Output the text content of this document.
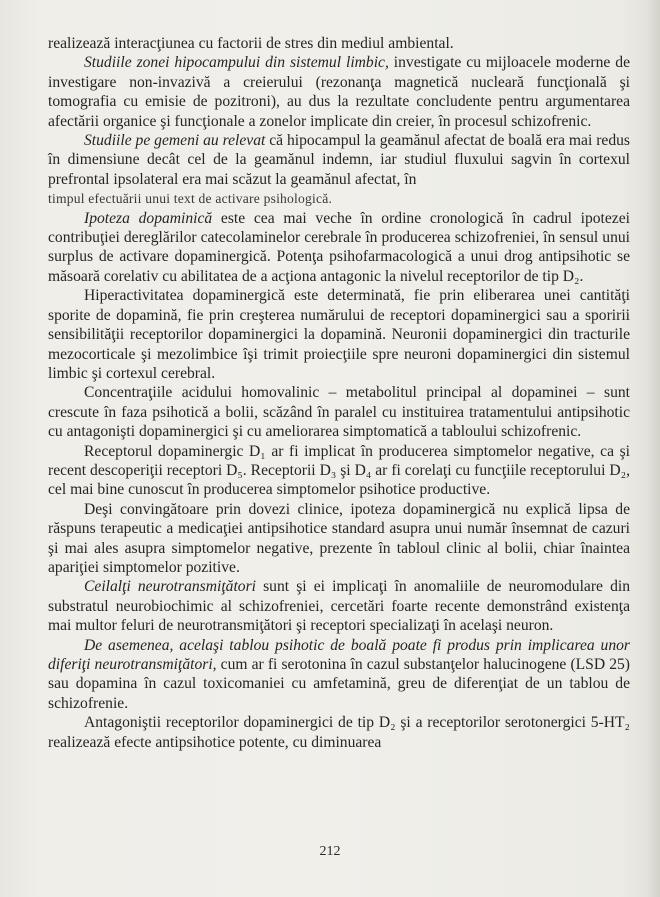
realizează interacţiunea cu factorii de stres din mediul ambiental.

Studiile zonei hipocampului din sistemul limbic, investigate cu mijloacele moderne de investigare non-invazivă a creierului (rezonanţa magnetică nucleară funcţională şi tomografia cu emisie de pozitroni), au dus la rezultate concludente pentru argumentarea afectării organice şi funcţionale a zonelor implicate din creier, în procesul schizofrenic.

Studiile pe gemeni au relevat că hipocampul la geamănul afectat de boală era mai redus în dimensiune decât cel de la geamănul indemn, iar studiul fluxului sagvin în cortexul prefrontal ipsolateral era mai scăzut la geamănul afectat, în

timpul efectuării unui text de activare psihologică.

Ipoteza dopaminică este cea mai veche în ordine cronologică în cadrul ipotezei contribuţiei dereglărilor catecolaminelor cerebrale în producerea schizofreniei, în sensul unui surplus de activare dopaminergică. Potenţa psihofarmacologică a unui drog antipsihotic se măsoară corelativ cu abilitatea de a acţiona antagonic la nivelul receptorilor de tip D₂.

Hiperactivitatea dopaminergică este determinată, fie prin eliberarea unei cantităţi sporite de dopamină, fie prin creşterea numărului de receptori dopaminergici sau a sporirii sensibilităţii receptorilor dopaminergici la dopamină. Neuronii dopaminergici din tracturile mezocorticale şi mezolimbice îşi trimit proiecţiile spre neuroni dopaminergici din sistemul limbic şi cortexul cerebral.

Concentraţiile acidului homovalinic – metabolitul principal al dopaminei – sunt crescute în faza psihotică a bolii, scăzând în paralel cu instituirea tratamentului antipsihotic cu antagonişti dopaminergici şi cu ameliorarea simptomatică a tabloului schizofrenic.

Receptorul dopaminergic D₁ ar fi implicat în producerea simptomelor negative, ca şi recent descoperiţii receptori D₅. Receptorii D₃ şi D₄ ar fi corelaţi cu funcţiile receptorului D₂, cel mai bine cunoscut în producerea simptomelor psihotice productive.

Deşi convingătoare prin dovezi clinice, ipoteza dopaminergică nu explică lipsa de răspuns terapeutic a medicaţiei antipsihotice standard asupra unui număr însemnat de cazuri şi mai ales asupra simptomelor negative, prezente în tabloul clinic al bolii, chiar înaintea apariţiei simptomelor pozitive.

Ceilalţi neurotransmiţători sunt şi ei implicaţi în anomaliile de neuromodulare din substratul neurobiochimic al schizofreniei, cercetări foarte recente demonstrând existenţa mai multor feluri de neurotransmiţători şi receptori specializaţi în acelaşi neuron.

De asemenea, acelaşi tablou psihotic de boală poate fi produs prin implicarea unor diferiţi neurotransmiţători, cum ar fi serotonina în cazul substanţelor halucinogene (LSD 25) sau dopamina în cazul toxicomaniei cu amfetamină, greu de diferenţiat de un tablou de schizofrenie.

Antagoniştii receptorilor dopaminergici de tip D₂ şi a receptorilor serotonergici 5-HT₂ realizează efecte antipsihotice potente, cu diminuarea

212
